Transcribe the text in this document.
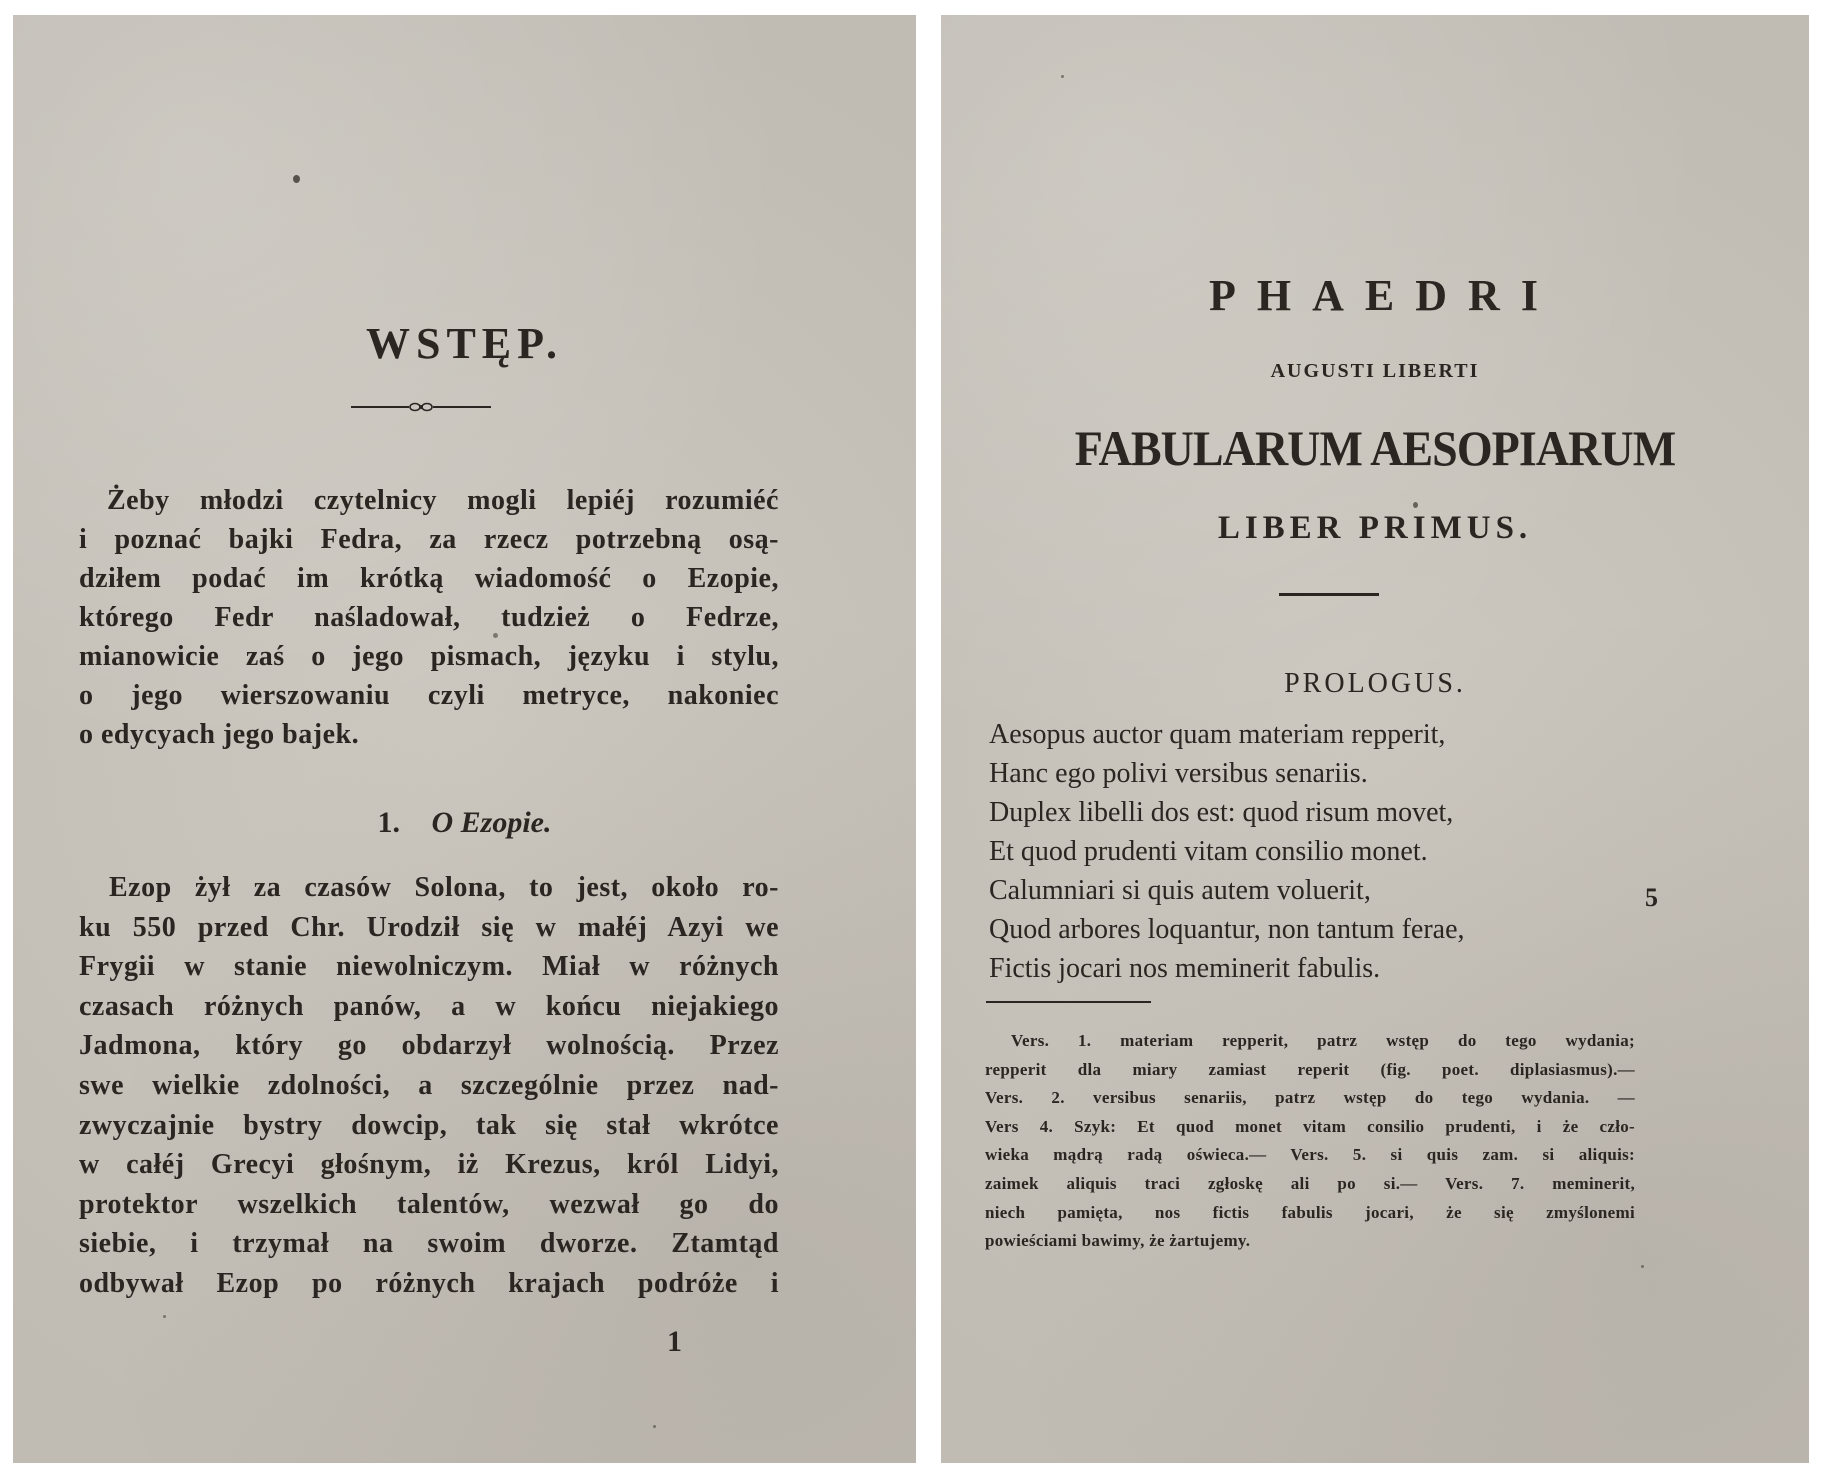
WSTĘP.
Żeby młodzi czytelnicy mogli lepiéj rozumiéć
i poznać bajki Fedra, za rzecz potrzebną osą-
dziłem podać im krótką wiadomość o Ezopie,
którego Fedr naśladował, tudzież o Fedrze,
mianowicie zaś o jego pismach, języku i stylu,
o jego wierszowaniu czyli metryce, nakoniec
o edycyach jego bajek.
1. O Ezopie.
Ezop żył za czasów Solona, to jest, około ro-
ku 550 przed Chr. Urodził się w małéj Azyi we
Frygii w stanie niewolniczym. Miał w różnych
czasach różnych panów, a w końcu niejakiego
Jadmona, który go obdarzył wolnością. Przez
swe wielkie zdolności, a szczególnie przez nad-
zwyczajnie bystry dowcip, tak się stał wkrótce
w całéj Grecyi głośnym, iż Krezus, król Lidyi,
protektor wszelkich talentów, wezwał go do
siebie, i trzymał na swoim dworze. Ztamtąd
odbywał Ezop po różnych krajach podróże i
1
PHAEDRI
AUGUSTI LIBERTI
FABULARUM AESOPIARUM
LIBER PRIMUS.
PROLOGUS.
Aesopus auctor quam materiam repperit,
Hanc ego polivi versibus senariis.
Duplex libelli dos est: quod risum movet,
Et quod prudenti vitam consilio monet.
Calumniari si quis autem voluerit,
Quod arbores loquantur, non tantum ferae,
Fictis jocari nos meminerit fabulis.
5
Vers. 1. materiam repperit, patrz wstęp do tego wydania;
repperit dla miary zamiast reperit (fig. poet. diplasiasmus).—
Vers. 2. versibus senariis, patrz wstęp do tego wydania. —
Vers 4. Szyk: Et quod monet vitam consilio prudenti, i że czło-
wieka mądrą radą oświeca.— Vers. 5. si quis zam. si aliquis:
zaimek aliquis traci zgłoskę ali po si.— Vers. 7. meminerit,
niech pamięta, nos fictis fabulis jocari, że się zmyślonemi
powieściami bawimy, że żartujemy.
